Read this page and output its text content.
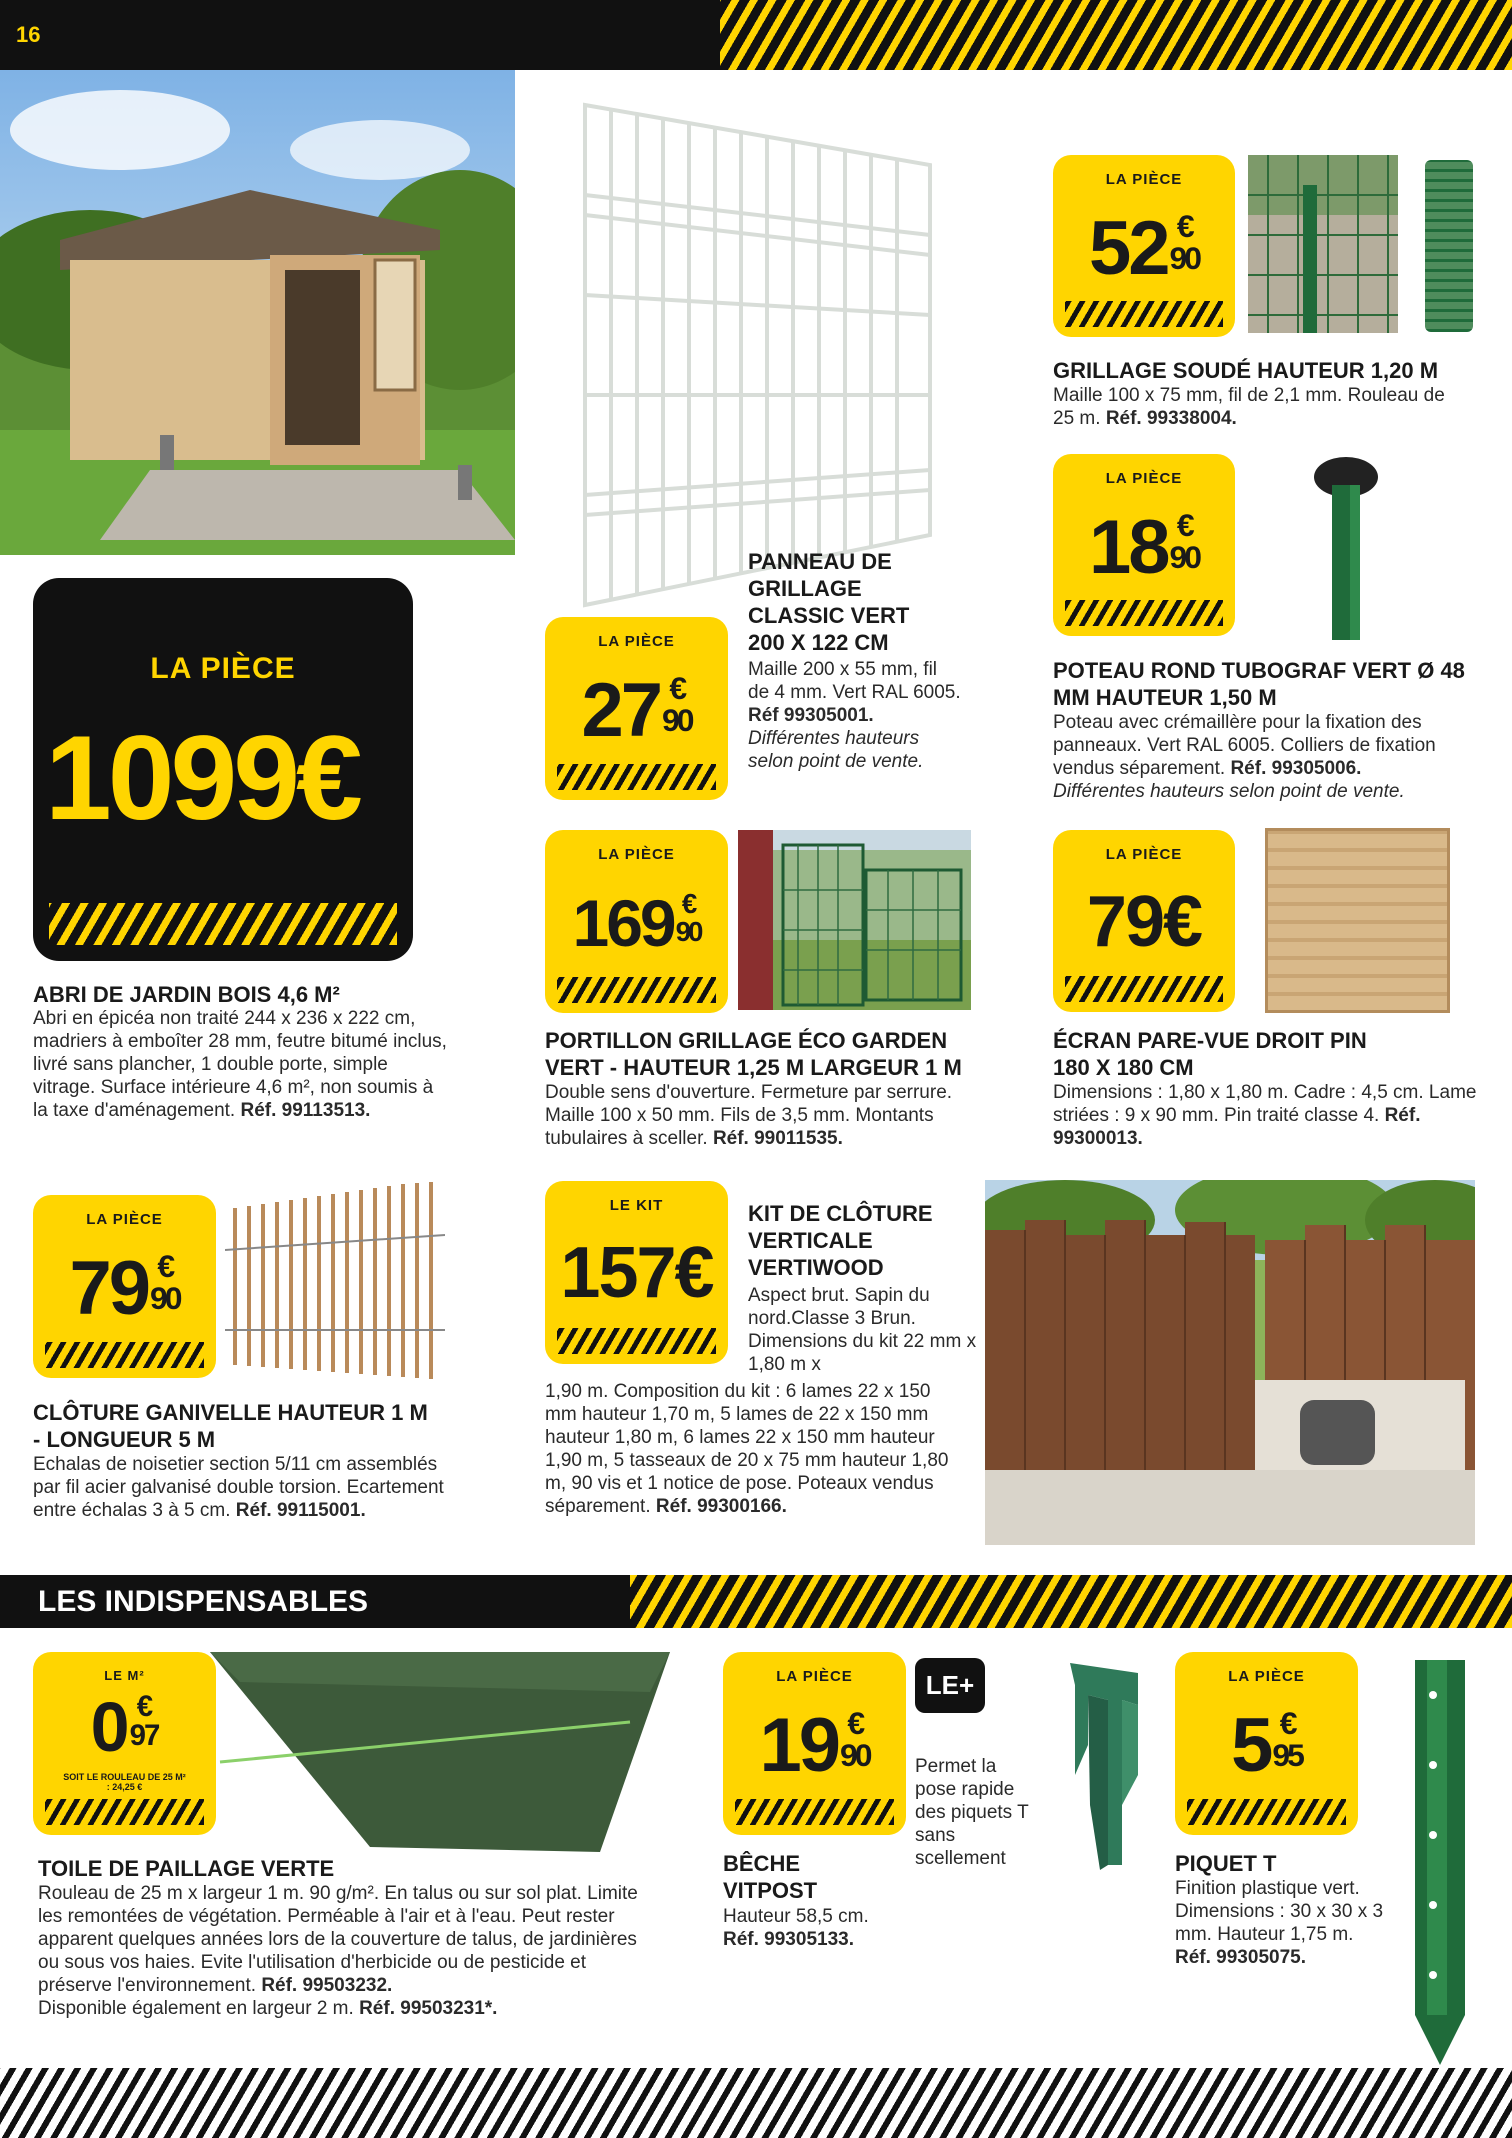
16
LA PIÈCE
1099€
ABRI DE JARDIN BOIS 4,6 M²
Abri en épicéa non traité 244 x 236 x 222 cm, madriers à emboîter 28 mm, feutre bitumé inclus, livré sans plancher, 1 double porte, simple vitrage. Surface intérieure 4,6 m², non soumis à la taxe d'aménagement. Réf. 99113513.
LA PIÈCE
27 €
90
PANNEAU DE GRILLAGE CLASSIC VERT 200 X 122 CM
Maille 200 x 55 mm, fil de 4 mm. Vert RAL 6005.
Réf 99305001.
Différentes hauteurs selon point de vente.
LA PIÈCE
52 €
90
GRILLAGE SOUDÉ HAUTEUR 1,20 M
Maille 100 x 75 mm, fil de 2,1 mm. Rouleau de 25 m. Réf. 99338004.
LA PIÈCE
18 €
90
POTEAU ROND TUBOGRAF VERT Ø 48 MM HAUTEUR 1,50 M
Poteau avec crémaillère pour la fixation des panneaux. Vert RAL 6005. Colliers de fixation vendus séparement. Réf. 99305006.
Différentes hauteurs selon point de vente.
LA PIÈCE
169 €
90
PORTILLON GRILLAGE ÉCO GARDEN VERT - HAUTEUR 1,25 M LARGEUR 1 M
Double sens d'ouverture. Fermeture par serrure. Maille 100 x 50 mm. Fils de 3,5 mm. Montants tubulaires à sceller. Réf. 99011535.
LA PIÈCE
79€
ÉCRAN PARE-VUE DROIT PIN 180 X 180 CM
Dimensions : 1,80 x 1,80 m. Cadre : 4,5 cm. Lame striées : 9 x 90 mm. Pin traité classe 4. Réf. 99300013.
LA PIÈCE
79 €
90
CLÔTURE GANIVELLE HAUTEUR 1 M - LONGUEUR 5 M
Echalas de noisetier section 5/11 cm assemblés par fil acier galvanisé double torsion. Ecartement entre échalas 3 à 5 cm. Réf. 99115001.
LE KIT
157€
KIT DE CLÔTURE VERTICALE VERTIWOOD
Aspect brut. Sapin du nord.Classe 3 Brun. Dimensions du kit 22 mm x 1,80 m x
1,90 m. Composition du kit : 6 lames 22 x 150 mm hauteur 1,70 m, 5 lames de 22 x 150 mm hauteur 1,80 m, 6 lames 22 x 150 mm hauteur 1,90 m, 5 tasseaux de 20 x 75 mm hauteur 1,80 m, 90 vis et 1 notice de pose. Poteaux vendus séparement. Réf. 99300166.
LES INDISPENSABLES
LE M²
0 €
97
SOIT LE ROULEAU DE 25 M² : 24,25 €
TOILE DE PAILLAGE VERTE
Rouleau de 25 m x largeur 1 m. 90 g/m². En talus ou sur sol plat. Limite les remontées de végétation. Perméable à l'air et à l'eau. Peut rester apparent quelques années lors de la couverture de talus, de jardinières ou sous vos haies. Evite l'utilisation d'herbicide ou de pesticide et préserve l'environnement. Réf. 99503232.
Disponible également en largeur 2 m. Réf. 99503231*.
LA PIÈCE
19 €
90
LE+
Permet la pose rapide des piquets T sans scellement
BÊCHE VITPOST
Hauteur 58,5 cm.
Réf. 99305133.
LA PIÈCE
5 €
95
PIQUET T
Finition plastique vert. Dimensions : 30 x 30 x 3 mm. Hauteur 1,75 m.
Réf. 99305075.
